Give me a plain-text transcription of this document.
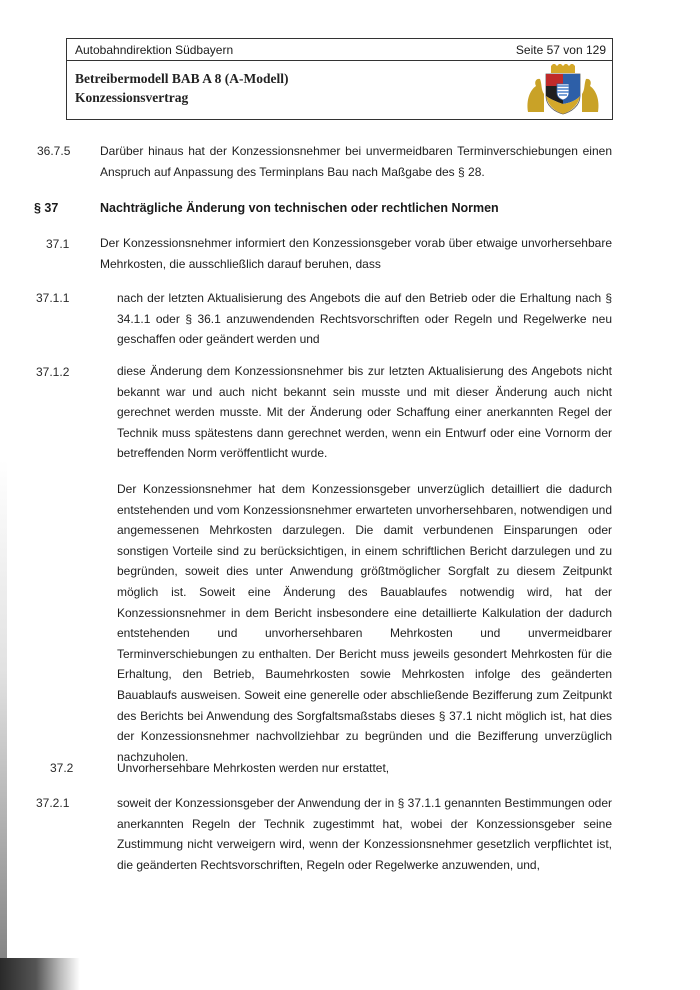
Autobahndirektion Südbayern	Seite 57 von 129
Betreibermodell BAB A 8 (A-Modell)
Konzessionsvertrag
36.7.5 Darüber hinaus hat der Konzessionsnehmer bei unvermeidbaren Terminverschiebungen einen Anspruch auf Anpassung des Terminplans Bau nach Maßgabe des § 28.
§ 37	Nachträgliche Änderung von technischen oder rechtlichen Normen
37.1	Der Konzessionsnehmer informiert den Konzessionsgeber vorab über etwaige unvorhersehbare Mehrkosten, die ausschließlich darauf beruhen, dass
37.1.1	nach der letzten Aktualisierung des Angebots die auf den Betrieb oder die Erhaltung nach § 34.1.1 oder § 36.1 anzuwendenden Rechtsvorschriften oder Regeln und Regelwerke neu geschaffen oder geändert werden und
37.1.2	diese Änderung dem Konzessionsnehmer bis zur letzten Aktualisierung des Angebots nicht bekannt war und auch nicht bekannt sein musste und mit dieser Änderung auch nicht gerechnet werden musste. Mit der Änderung oder Schaffung einer anerkannten Regel der Technik muss spätestens dann gerechnet werden, wenn ein Entwurf oder eine Vornorm der betreffenden Norm veröffentlicht wurde.
Der Konzessionsnehmer hat dem Konzessionsgeber unverzüglich detailliert die dadurch entstehenden und vom Konzessionsnehmer erwarteten unvorhersehbaren, notwendigen und angemessenen Mehrkosten darzulegen. Die damit verbundenen Einsparungen oder sonstigen Vorteile sind zu berücksichtigen, in einem schriftlichen Bericht darzulegen und zu begründen, soweit dies unter Anwendung größtmöglicher Sorgfalt zu diesem Zeitpunkt möglich ist. Soweit eine Änderung des Bauablaufes notwendig wird, hat der Konzessionsnehmer in dem Bericht insbesondere eine detaillierte Kalkulation der dadurch entstehenden und unvorhersehbaren Mehrkosten und unvermeidbarer Terminverschiebungen zu enthalten. Der Bericht muss jeweils gesondert Mehrkosten für die Erhaltung, den Betrieb, Baumehrkosten sowie Mehrkosten infolge des geänderten Bauablaufs ausweisen. Soweit eine generelle oder abschließende Bezifferung zum Zeitpunkt des Berichts bei Anwendung des Sorgfaltsmaßstabs dieses § 37.1 nicht möglich ist, hat dies der Konzessionsnehmer nachvollziehbar zu begründen und die Bezifferung unverzüglich nachzuholen.
37.2	Unvorhersehbare Mehrkosten werden nur erstattet,
37.2.1	soweit der Konzessionsgeber der Anwendung der in § 37.1.1 genannten Bestimmungen oder anerkannten Regeln der Technik zugestimmt hat, wobei der Konzessionsgeber seine Zustimmung nicht verweigern wird, wenn der Konzessionsnehmer gesetzlich verpflichtet ist, die geänderten Rechtsvorschriften, Regeln oder Regelwerke anzuwenden, und,
